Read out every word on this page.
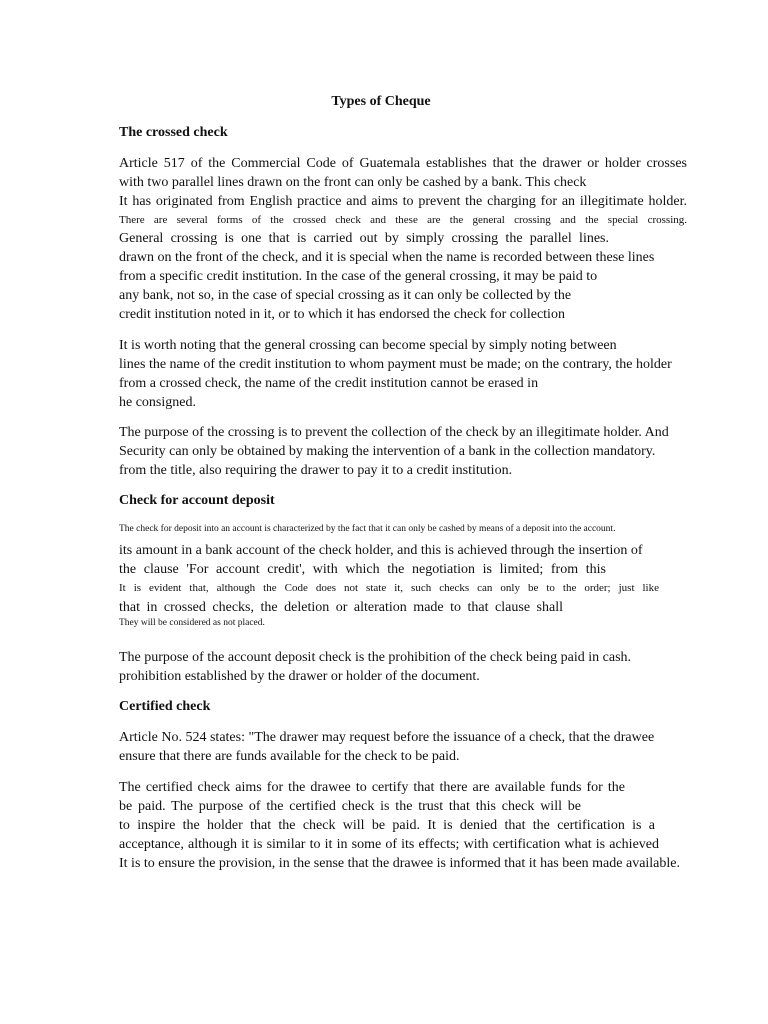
Types of Cheque
The crossed check
Article 517 of the Commercial Code of Guatemala establishes that the drawer or holder crosses
with two parallel lines drawn on the front can only be cashed by a bank. This check
It has originated from English practice and aims to prevent the charging for an illegitimate holder.
There are several forms of the crossed check and these are the general crossing and the special crossing.
General crossing is one that is carried out by simply crossing the parallel lines.
drawn on the front of the check, and it is special when the name is recorded between these lines
from a specific credit institution. In the case of the general crossing, it may be paid to
any bank, not so, in the case of special crossing as it can only be collected by the
credit institution noted in it, or to which it has endorsed the check for collection
It is worth noting that the general crossing can become special by simply noting between
lines the name of the credit institution to whom payment must be made; on the contrary, the holder
from a crossed check, the name of the credit institution cannot be erased in
he consigned.
The purpose of the crossing is to prevent the collection of the check by an illegitimate holder. And
Security can only be obtained by making the intervention of a bank in the collection mandatory.
from the title, also requiring the drawer to pay it to a credit institution.
Check for account deposit
The check for deposit into an account is characterized by the fact that it can only be cashed by means of a deposit into the account.
its amount in a bank account of the check holder, and this is achieved through the insertion of
the clause 'For account credit', with which the negotiation is limited; from this
It is evident that, although the Code does not state it, such checks can only be to the order; just like
that in crossed checks, the deletion or alteration made to that clause shall
They will be considered as not placed.
The purpose of the account deposit check is the prohibition of the check being paid in cash.
prohibition established by the drawer or holder of the document.
Certified check
Article No. 524 states: "The drawer may request before the issuance of a check, that the drawee
ensure that there are funds available for the check to be paid.
The certified check aims for the drawee to certify that there are available funds for the
be paid. The purpose of the certified check is the trust that this check will be
to inspire the holder that the check will be paid. It is denied that the certification is a
acceptance, although it is similar to it in some of its effects; with certification what is achieved
It is to ensure the provision, in the sense that the drawee is informed that it has been made available.
